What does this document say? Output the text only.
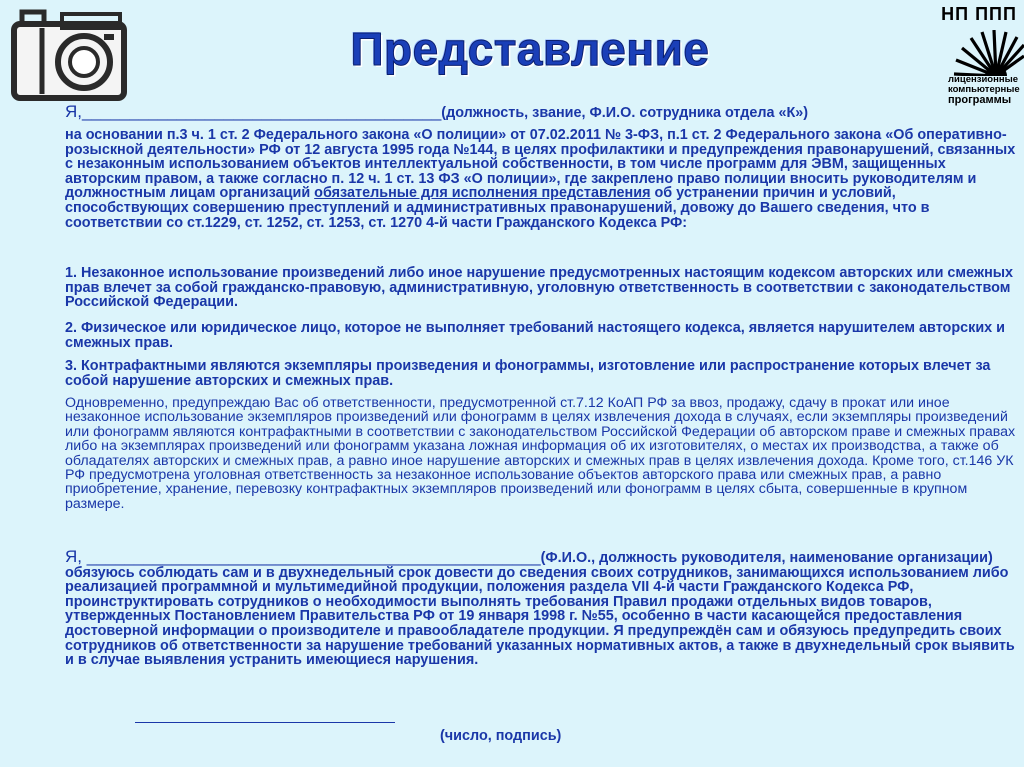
Представление
НП ППП
лицензионные
компьютерные
программы

Я,______________________________________(должность, звание, Ф.И.О. сотрудника отдела «К»)

на основании п.3 ч. 1 ст. 2 Федерального закона «О полиции» от 07.02.2011 № 3-ФЗ, п.1 ст. 2 Федерального закона «Об оперативно-розыскной деятельности» РФ от 12 августа 1995 года №144, в целях профилактики и предупреждения правонарушений, связанных с незаконным использованием объектов интеллектуальной собственности, в том числе программ для ЭВМ, защищенных авторским правом, а также согласно п. 12 ч. 1 ст. 13 ФЗ «О полиции», где закреплено право полиции вносить руководителям и должностным лицам организаций обязательные для исполнения представления об устранении причин и условий, способствующих совершению преступлений и административных правонарушений, довожу до Вашего сведения, что в соответствии со ст.1229, ст. 1252, ст. 1253, ст. 1270 4-й части Гражданского Кодекса РФ:

1. Незаконное использование произведений либо иное нарушение предусмотренных настоящим кодексом авторских или смежных прав влечет за собой гражданско-правовую, административную, уголовную ответственность в соответствии с законодательством Российской Федерации.

2. Физическое или юридическое лицо, которое не выполняет требований настоящего кодекса, является нарушителем авторских и смежных прав.

3. Контрафактными являются экземпляры произведения и фонограммы, изготовление или распространение которых влечет за собой нарушение авторских и смежных прав.

Одновременно, предупреждаю Вас об ответственности, предусмотренной ст.7.12 КоАП РФ за ввоз, продажу, сдачу в прокат или иное незаконное использование экземпляров произведений или фонограмм в целях извлечения дохода в случаях, если экземпляры произведений или фонограмм являются контрафактными в соответствии с законодательством Российской Федерации об авторском праве и смежных правах либо на экземплярах произведений или фонограмм указана ложная информация об их изготовителях, о местах их производства, а также об обладателях авторских и смежных прав, а равно иное нарушение авторских и смежных прав в целях извлечения дохода. Кроме того, ст.146 УК РФ предусмотрена уголовная ответственность за незаконное использование объектов авторского права или смежных прав, а равно приобретение, хранение, перевозку контрафактных экземпляров произведений или фонограмм в целях сбыта, совершенные в крупном размере.

Я, ________________________________________________(Ф.И.О., должность руководителя, наименование организации) обязуюсь соблюдать сам и в двухнедельный срок довести до сведения своих сотрудников, занимающихся использованием либо реализацией программной и мультимедийной продукции, положения раздела VII 4-й части Гражданского Кодекса РФ, проинструктировать сотрудников о необходимости выполнять требования Правил продажи отдельных видов товаров, утвержденных Постановлением Правительства РФ от 19 января 1998 г. №55, особенно в части касающейся предоставления достоверной информации о производителе и правообладателе продукции. Я предупреждён сам и обязуюсь предупредить своих сотрудников об ответственности за нарушение требований указанных нормативных актов, а также в двухнедельный срок выявить и в случае выявления устранить имеющиеся нарушения.

(число, подпись)
